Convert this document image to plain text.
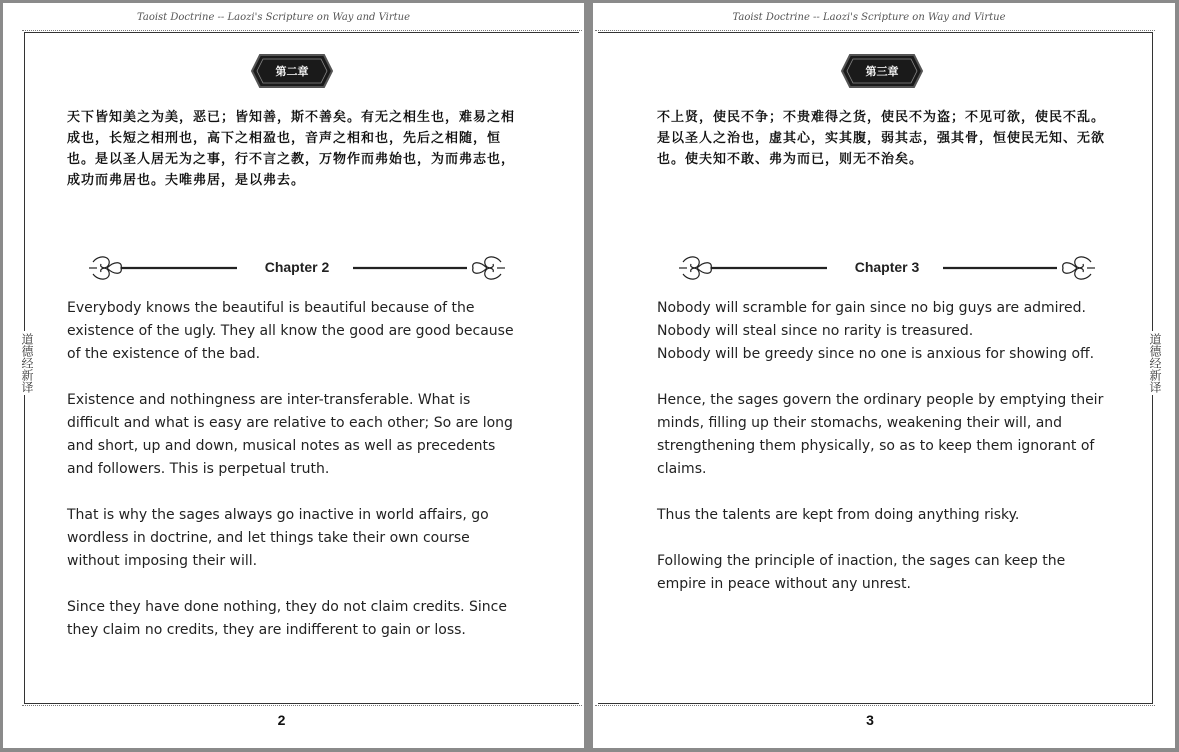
Taoist Doctrine -- Laozi's Scripture on Way and Virtue

道德经新译
第二章

天下皆知美之为美，恶已；皆知善，斯不善矣。有无之相生也，难易之相成也，长短之相刑也，高下之相盈也，音声之相和也，先后之相随，恒也。是以圣人居无为之事，行不言之教，万物作而弗始也，为而弗志也，成功而弗居也。夫唯弗居，是以弗去。

Chapter 2

Everybody knows the beautiful is beautiful because of the existence of the ugly. They all know the good are good because of the existence of the bad.

Existence and nothingness are inter-transferable. What is difficult and what is easy are relative to each other; So are long and short, up and down, musical notes as well as precedents and followers. This is perpetual truth.

That is why the sages always go inactive in world affairs, go wordless in doctrine, and let things take their own course without imposing their will.

Since they have done nothing, they do not claim credits. Since they claim no credits, they are indifferent to gain or loss.

2

Taoist Doctrine -- Laozi's Scripture on Way and Virtue

道德经新译
第三章

不上贤，使民不争；不贵难得之货，使民不为盗；不见可欲，使民不乱。是以圣人之治也，虚其心，实其腹，弱其志，强其骨，恒使民无知、无欲也。使夫知不敢、弗为而已，则无不治矣。

Chapter 3

Nobody will scramble for gain since no big guys are admired.
Nobody will steal since no rarity is treasured.
Nobody will be greedy since no one is anxious for showing off.

Hence, the sages govern the ordinary people by emptying their minds, filling up their stomachs, weakening their will, and strengthening them physically, so as to keep them ignorant of claims.

Thus the talents are kept from doing anything risky.

Following the principle of inaction, the sages can keep the empire in peace without any unrest.

3
